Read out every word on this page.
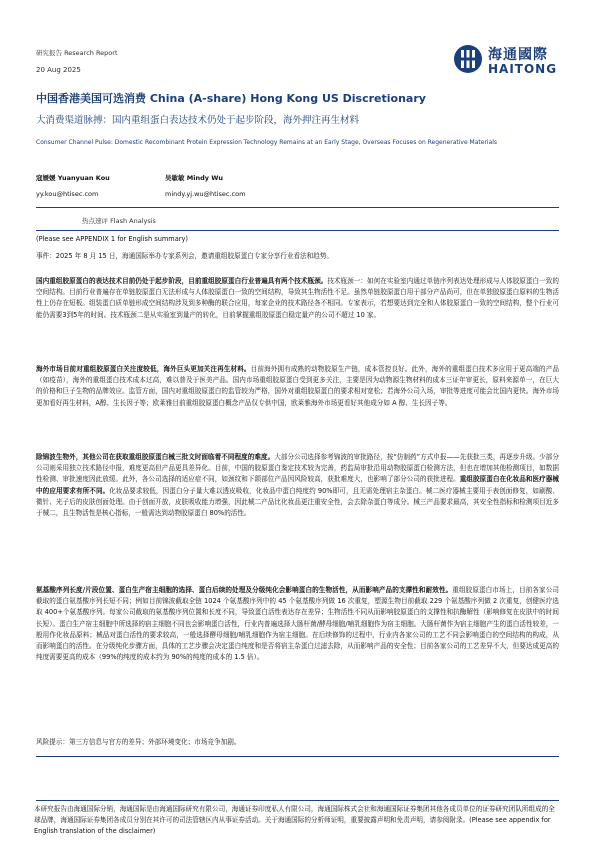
研究报告 Research Report
20 Aug 2025
海通國際
HAITONG
中国香港美国可选消费 China (A-share) Hong Kong US Discretionary
大消费渠道脉搏：国内重组蛋白表达技术仍处于起步阶段，海外押注再生材料
Consumer Channel Pulse: Domestic Recombinant Protein Expression Technology Remains at an Early Stage, Overseas Focuses on Regenerative Materials
寇媛媛 Yuanyuan Kou
yy.kou@htisec.com
吴敏敏 Mindy Wu
mindy.yj.wu@htisec.com
热点速评 Flash Analysis
(Please see APPENDIX 1 for English summary)
事件：2025 年 8 月 15 日，海通国际举办专家系列会，邀请重组胶原蛋白专家分享行业看法和趋势。
国内重组胶原蛋白的表达技术目前仍处于起步阶段，目前重组胶原蛋白行业普遍具有两个技术瓶颈。技术瓶颈一：如何在实验室内通过单链序列表达处理形成与人体胶原蛋白一致的空间结构。目前行业普遍存在单链胶原蛋白无法形成与人体胶原蛋白一致的空间结构，导致其生物活性不足。虽然单链胶原蛋白用于部分产品尚可，但在单独胶原蛋白原料的生物活性上仍存在短板。组装蛋白质单链形成空间结构涉及到多种酶的联合应用，每家企业的技术路径各不相同。专家表示，若想要达到完全和人体胶原蛋白一致的空间结构，整个行业可能仍需要3到5年的时间。技术瓶颈二是从实验室到量产的转化，目前掌握重组胶原蛋白稳定量产的公司不超过 10 家。
海外市场目前对重组胶原蛋白关注度较低，海外巨头更加关注再生材料。目前海外拥有成熟的动物胶原生产链，成本管控良好。此外，海外的重组蛋白技术多应用于更高端的产品（如疫苗），海外的重组蛋白技术成本过高，难以普及于医美产品。国内市场重组胶原蛋白受到更多关注，主要是因为动物源生物材料的成本三证年审更长，原料来源单一，在巨大的价格和巨子生物的品牌效应。监管方面，国内对重组胶原蛋白的监管较为严格，国外对重组胶原蛋白的要求相对宽松；若海外公司入场，审批等进度可能会比国内更快。海外市场更加看好再生材料，A醇、生长因子等；欧莱雅目前重组胶原蛋白概念产品仅专供中国，欧莱雅海外市场更看好其他成分如 A 醇、生长因子等。
除锦波生物外，其他公司在获取重组胶原蛋白械三批文时面临着不同程度的难度。大部分公司选择参考锦波的审批路径，按“仿制药”方式申报——先获批三类，再逐步升级。少部分公司则采用独立技术路径申报，难度更高但产品更具差异化。目前，中国的胶原蛋白鉴定技术较为完善，药监局审批沿用动物胶原蛋白检测方法，但也在增加其他检测项目，如数据性检测、审批速度因此放缓。此外，各公司选择的适应症不同，如颈纹和下颌部位产品因风险较高，获批难度大，也影响了部分公司的获批进程。重组胶原蛋白在化妆品和医疗器械中的应用要求有所不同。化妆品要求较低，因蛋白分子量大难以透皮吸收，化妆品中蛋白纯度约 90%即可，且无需处理宿主杂蛋白。械二医疗器械主要用于表创面修复，如刷酸、微针、光子后的皮肤创面处理。由于创面开放，皮肤吸收能力增强，因此械二产品比化妆品更注重安全性，会去除杂蛋白等成分。械三产品要求最高，其安全性指标和检测项目近多于械二，且生物活性是核心指标，一般需达到动物胶原蛋白 80%的活性。
氨基酸序列长度/片段位置、蛋白生产宿主细胞的选择、蛋白后续的处理及分级纯化会影响蛋白的生物活性，从而影响产品的支撑性和耐效性。重组胶原蛋白市场上，目前各家公司截取的蛋白氨基酸序列长短不同；例如目前锦波截取全链 1024 个氨基酸序列中的 45 个氨基酸序列做 16 次重复，塑源生物目前截取 229 个氨基酸序列做 2 次重复，创健医疗选取 400+个氨基酸序列。每家公司截取的氨基酸序列位置和长度不同，导致蛋白活性表达存在差异；生物活性不同从而影响胶原蛋白的支撑性和抗酶解性（影响修复在皮肤中的时间长短）。蛋白生产宿主细胞中所选择的宿主细胞不同也会影响蛋白活性，行业内普遍选择大肠杆菌/酵母细胞/哺乳细胞作为宿主细胞。大肠杆菌作为宿主细胞产生的蛋白活性较差，一般用作化妆品原料；械品对蛋白活性的要求较高，一般选择酵母细胞/哺乳细胞作为宿主细胞。在后续修饰的过程中，行业内各家公司的工艺不同会影响蛋白的空间结构的构成，从而影响蛋白的活性。在分级纯化步骤方面，具体的工艺步骤会决定蛋白纯度和是否将宿主杂蛋白过滤去除，从而影响产品的安全性；目前各家公司的工艺差异不大，但要达成更高的纯度需要更高的成本（99%的纯度的成本约为 90%的纯度的成本的 1.5 倍）。
风险提示：第三方信息与官方的差异；外部环境变化；市场竞争加剧。
本研究报告由海通国际分销，海通国际是由海通国际研究有限公司，海通证券印度私人有限公司，海通国际株式会社和海通国际证券集团其他各成员单位的证券研究团队所组成的全球品牌，海通国际证券集团各成员分别在其许可的司法管辖区内从事证券活动。关于海通国际的分析师证明，重要披露声明和免责声明，请参阅附录。(Please see appendix for English translation of the disclaimer)
